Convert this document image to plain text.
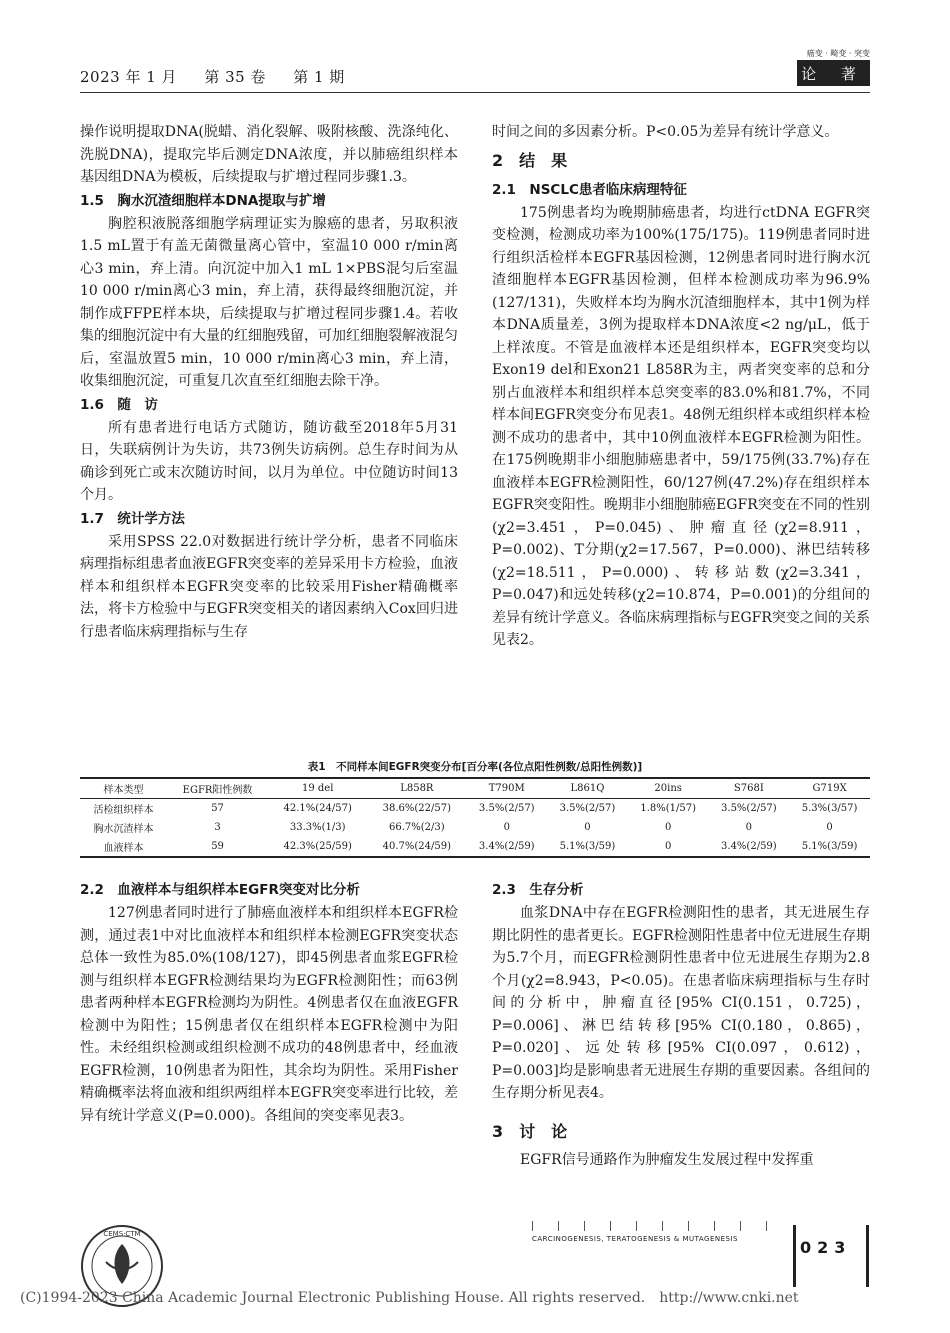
2023 年 1 月 第 35 卷 第 1 期
癌变 · 畸变 · 突变
论 著

操作说明提取DNA(脱蜡、消化裂解、吸附核酸、洗涤纯化、洗脱DNA)，提取完毕后测定DNA浓度，并以肺癌组织样本基因组DNA为模板，后续提取与扩增过程同步骤1.3。

1.5　胸水沉渣细胞样本DNA提取与扩增

胸腔积液脱落细胞学病理证实为腺癌的患者，另取积液1.5 mL置于有盖无菌微量离心管中，室温10 000 r/min离心3 min，弃上清。向沉淀中加入1 mL 1×PBS混匀后室温10 000 r/min离心3 min，弃上清，获得最终细胞沉淀，并制作成FFPE样本块，后续提取与扩增过程同步骤1.4。若收集的细胞沉淀中有大量的红细胞残留，可加红细胞裂解液混匀后，室温放置5 min，10 000 r/min离心3 min，弃上清，收集细胞沉淀，可重复几次直至红细胞去除干净。

1.6　随　访

所有患者进行电话方式随访，随访截至2018年5月31日，失联病例计为失访，共73例失访病例。总生存时间为从确诊到死亡或末次随访时间，以月为单位。中位随访时间13个月。

1.7　统计学方法

采用SPSS 22.0对数据进行统计学分析，患者不同临床病理指标组患者血液EGFR突变率的差异采用卡方检验，血液样本和组织样本EGFR突变率的比较采用Fisher精确概率法，将卡方检验中与EGFR突变相关的诸因素纳入Cox回归进行患者临床病理指标与生存

时间之间的多因素分析。P<0.05为差异有统计学意义。

2　结　果
2.1　NSCLC患者临床病理特征

175例患者均为晚期肺癌患者，均进行ctDNA EGFR突变检测，检测成功率为100%(175/175)。119例患者同时进行组织活检样本EGFR基因检测，12例患者同时进行胸水沉渣细胞样本EGFR基因检测，但样本检测成功率为96.9%(127/131)，失败样本均为胸水沉渣细胞样本，其中1例为样本DNA质量差，3例为提取样本DNA浓度<2 ng/μL，低于上样浓度。不管是血液样本还是组织样本，EGFR突变均以Exon19 del和Exon21 L858R为主，两者突变率的总和分别占血液样本和组织样本总突变率的83.0%和81.7%，不同样本间EGFR突变分布见表1。48例无组织样本或组织样本检测不成功的患者中，其中10例血液样本EGFR检测为阳性。在175例晚期非小细胞肺癌患者中，59/175例(33.7%)存在血液样本EGFR检测阳性，60/127例(47.2%)存在组织样本EGFR突变阳性。晚期非小细胞肺癌EGFR突变在不同的性别(χ2=3.451，P=0.045)、肿瘤直径(χ2=8.911，P=0.002)、T分期(χ2=17.567，P=0.000)、淋巴结转移(χ2=18.511，P=0.000)、转移站数(χ2=3.341，P=0.047)和远处转移(χ2=10.874，P=0.001)的分组间的差异有统计学意义。各临床病理指标与EGFR突变之间的关系见表2。

表1　不同样本间EGFR突变分布[百分率(各位点阳性例数/总阳性例数)]
样本类型	EGFR阳性例数	19 del	L858R	T790M	L861Q	20ins	S768I	G719X
活检组织样本	57	42.1%(24/57)	38.6%(22/57)	3.5%(2/57)	3.5%(2/57)	1.8%(1/57)	3.5%(2/57)	5.3%(3/57)
胸水沉渣样本	3	33.3%(1/3)	66.7%(2/3)	0	0	0	0	0
血液样本	59	42.3%(25/59)	40.7%(24/59)	3.4%(2/59)	5.1%(3/59)	0	3.4%(2/59)	5.1%(3/59)
2.2　血液样本与组织样本EGFR突变对比分析

127例患者同时进行了肺癌血液样本和组织样本EGFR检测，通过表1中对比血液样本和组织样本检测EGFR突变状态总体一致性为85.0%(108/127)，即45例患者血浆EGFR检测与组织样本EGFR检测结果均为EGFR检测阳性；而63例患者两种样本EGFR检测均为阴性。4例患者仅在血液EGFR检测中为阳性；15例患者仅在组织样本EGFR检测中为阳性。未经组织检测或组织检测不成功的48例患者中，经血液EGFR检测，10例患者为阳性，其余均为阴性。采用Fisher精确概率法将血液和组织两组样本EGFR突变率进行比较，差异有统计学意义(P=0.000)。各组间的突变率见表3。

2.3　生存分析

血浆DNA中存在EGFR检测阳性的患者，其无进展生存期比阴性的患者更长。EGFR检测阳性患者中位无进展生存期为5.7个月，而EGFR检测阴性患者中位无进展生存期为2.8个月(χ2=8.943，P<0.05)。在患者临床病理指标与生存时间的分析中，肿瘤直径[95% CI(0.151，0.725)，P=0.006]、淋巴结转移[95% CI(0.180，0.865)，P=0.020]、远处转移[95% CI(0.097，0.612)，P=0.003]均是影响患者无进展生存期的重要因素。各组间的生存期分析见表4。

3　讨　论

EGFR信号通路作为肿瘤发生发展过程中发挥重

CEMS·CTM
CARCINOGENESIS, TERATOGENESIS & MUTAGENESIS	023
(C)1994-2023 China Academic Journal Electronic Publishing House. All rights reserved.　http://www.cnki.net
